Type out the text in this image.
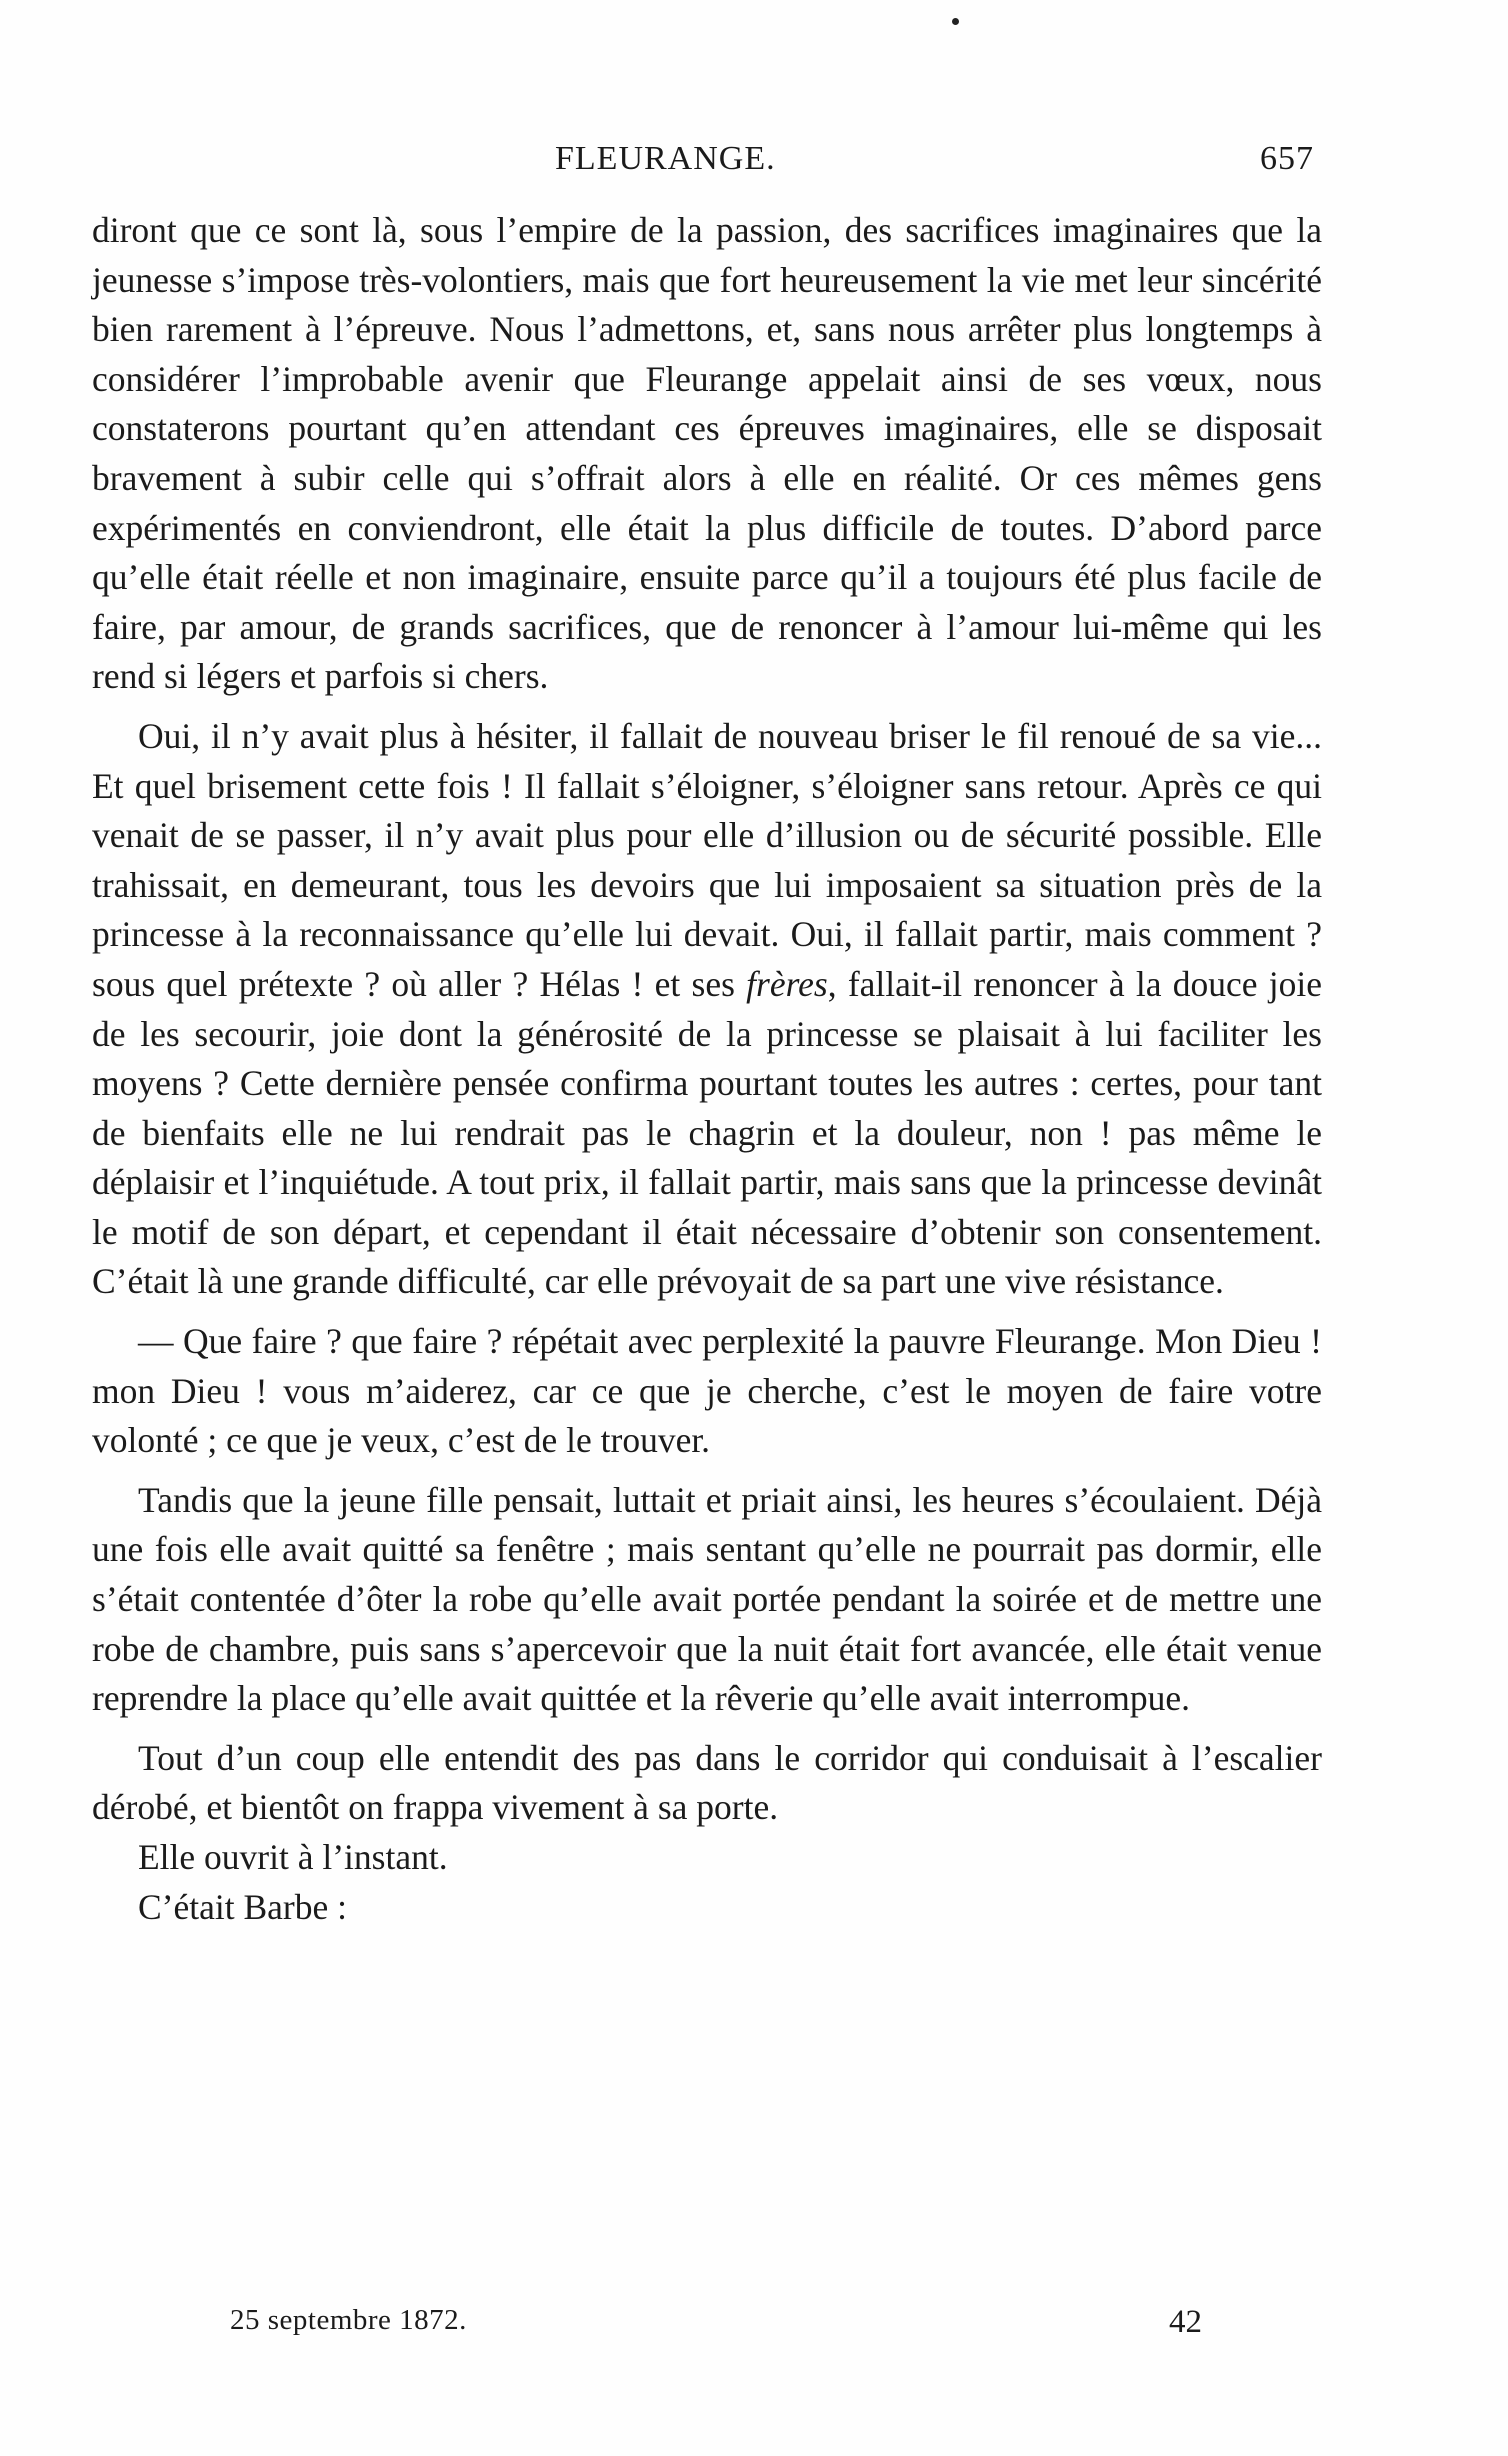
FLEURANGE.	657

diront que ce sont là, sous l’empire de la passion, des sacrifices imaginaires que la jeunesse s’impose très-volontiers, mais que fort heureusement la vie met leur sincérité bien rarement à l’épreuve. Nous l’admettons, et, sans nous arrêter plus longtemps à considérer l’improbable avenir que Fleurange appelait ainsi de ses vœux, nous constaterons pourtant qu’en attendant ces épreuves imaginaires, elle se disposait bravement à subir celle qui s’offrait alors à elle en réalité. Or ces mêmes gens expérimentés en conviendront, elle était la plus difficile de toutes. D’abord parce qu’elle était réelle et non imaginaire, ensuite parce qu’il a toujours été plus facile de faire, par amour, de grands sacrifices, que de renoncer à l’amour lui-même qui les rend si légers et parfois si chers.

Oui, il n’y avait plus à hésiter, il fallait de nouveau briser le fil renoué de sa vie... Et quel brisement cette fois ! Il fallait s’éloigner, s’éloigner sans retour. Après ce qui venait de se passer, il n’y avait plus pour elle d’illusion ou de sécurité possible. Elle trahissait, en demeurant, tous les devoirs que lui imposaient sa situation près de la princesse à la reconnaissance qu’elle lui devait. Oui, il fallait partir, mais comment ? sous quel prétexte ? où aller ? Hélas ! et ses frères, fallait-il renoncer à la douce joie de les secourir, joie dont la générosité de la princesse se plaisait à lui faciliter les moyens ? Cette dernière pensée confirma pourtant toutes les autres : certes, pour tant de bienfaits elle ne lui rendrait pas le chagrin et la douleur, non ! pas même le déplaisir et l’inquiétude. A tout prix, il fallait partir, mais sans que la princesse devinât le motif de son départ, et cependant il était nécessaire d’obtenir son consentement. C’était là une grande difficulté, car elle prévoyait de sa part une vive résistance.

— Que faire ? que faire ? répétait avec perplexité la pauvre Fleurange. Mon Dieu ! mon Dieu ! vous m’aiderez, car ce que je cherche, c’est le moyen de faire votre volonté ; ce que je veux, c’est de le trouver.

Tandis que la jeune fille pensait, luttait et priait ainsi, les heures s’écoulaient. Déjà une fois elle avait quitté sa fenêtre ; mais sentant qu’elle ne pourrait pas dormir, elle s’était contentée d’ôter la robe qu’elle avait portée pendant la soirée et de mettre une robe de chambre, puis sans s’apercevoir que la nuit était fort avancée, elle était venue reprendre la place qu’elle avait quittée et la rêverie qu’elle avait interrompue.

Tout d’un coup elle entendit des pas dans le corridor qui conduisait à l’escalier dérobé, et bientôt on frappa vivement à sa porte.

Elle ouvrit à l’instant.

C’était Barbe :

25 septembre 1872.	42
